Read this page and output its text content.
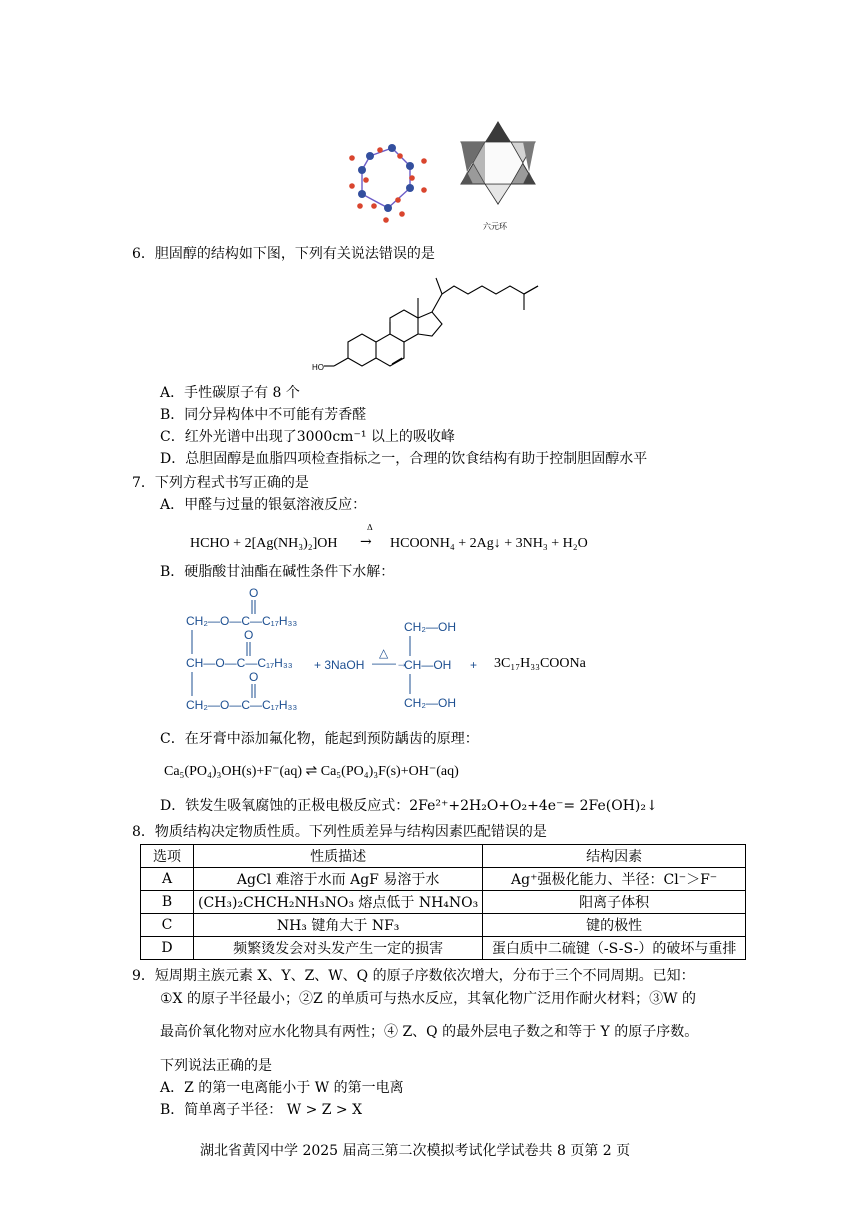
六元环
6．胆固醇的结构如下图，下列有关说法错误的是
HO
A．手性碳原子有 8 个
B．同分异构体中不可能有芳香醛
C．红外光谱中出现了3000cm⁻¹ 以上的吸收峰
D．总胆固醇是血脂四项检查指标之一，合理的饮食结构有助于控制胆固醇水平
7．下列方程式书写正确的是
A．甲醛与过量的银氨溶液反应：
HCHO + 2[Ag(NH₃)₂]OH
Δ
→ HCOONH₄ + 2Ag↓ + 3NH₃ + H₂O
B．硬脂酸甘油酯在碱性条件下水解：
O
CH₂—O—C—C₁₇H₃₃
O
CH—O—C—C₁₇H₃₃
O
CH₂—O—C—C₁₇H₃₃
+ 3NaOH
△
——→
CH₂—OH
CH—OH
CH₂—OH
+ 3C₁₇H₃₃COONa
C．在牙膏中添加氟化物，能起到预防龋齿的原理：
Ca₅(PO₄)₃OH(s)+F⁻(aq) ⇌ Ca₅(PO₄)₃F(s)+OH⁻(aq)
D．铁发生吸氧腐蚀的正极电极反应式：2Fe²⁺+2H₂O+O₂+4e⁻= 2Fe(OH)₂↓
8．物质结构决定物质性质。下列性质差异与结构因素匹配错误的是
选项	性质描述	结构因素
A	AgCl 难溶于水而 AgF 易溶于水	Ag⁺强极化能力、半径：Cl⁻＞F⁻
B	(CH₃)₂CHCH₂NH₃NO₃ 熔点低于 NH₄NO₃	阳离子体积
C	NH₃ 键角大于 NF₃	键的极性
D	频繁烫发会对头发产生一定的损害	蛋白质中二硫键（-S-S-）的破坏与重排
9．短周期主族元素 X、Y、Z、W、Q 的原子序数依次增大，分布于三个不同周期。已知：
①X 的原子半径最小；②Z 的单质可与热水反应，其氧化物广泛用作耐火材料；③W 的
最高价氧化物对应水化物具有两性；④ Z、Q 的最外层电子数之和等于 Y 的原子序数。
下列说法正确的是
A．Z 的第一电离能小于 W 的第一电离
B．简单离子半径： W > Z > X
湖北省黄冈中学 2025 届高三第二次模拟考试化学试卷共 8 页第 2 页
